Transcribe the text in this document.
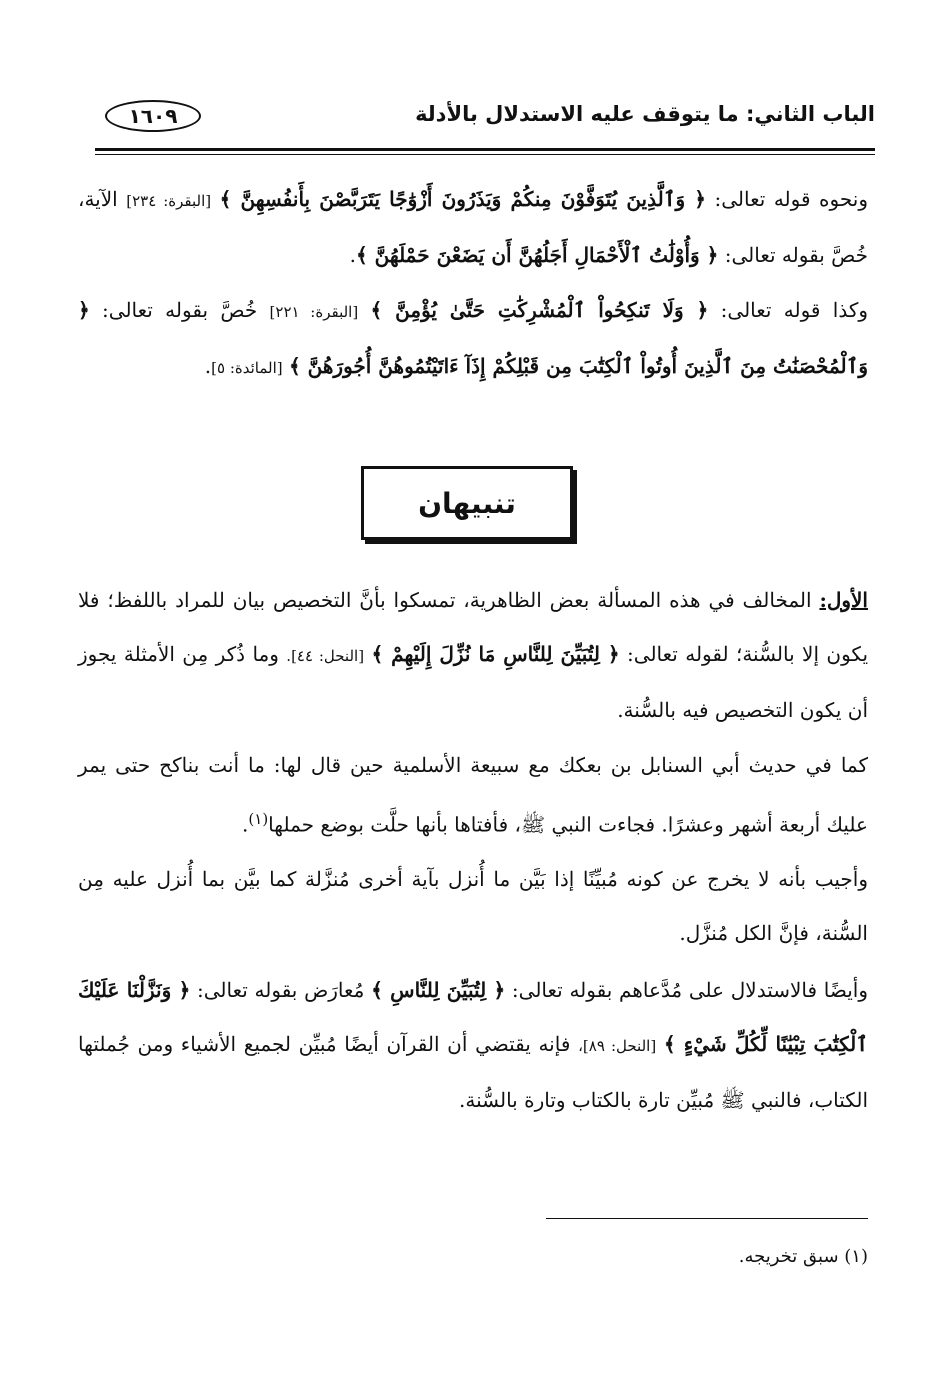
الباب الثاني: ما يتوقف عليه الاستدلال بالأدلة
١٦٠٩
ونحوه قوله تعالى: ﴿ وَٱلَّذِينَ يُتَوَفَّوْنَ مِنكُمْ وَيَذَرُونَ أَزْوَٰجًا يَتَرَبَّصْنَ بِأَنفُسِهِنَّ ﴾ [البقرة: ٢٣٤] الآية، خُصَّ بقوله تعالى: ﴿ وَأُوْلَٰتُ ٱلْأَحْمَالِ أَجَلُهُنَّ أَن يَضَعْنَ حَمْلَهُنَّ ﴾.
وكذا قوله تعالى: ﴿ وَلَا تَنكِحُواْ ٱلْمُشْرِكَٰتِ حَتَّىٰ يُؤْمِنَّ ﴾ [البقرة: ٢٢١] خُصَّ بقوله تعالى: ﴿ وَٱلْمُحْصَنَٰتُ مِنَ ٱلَّذِينَ أُوتُواْ ٱلْكِتَٰبَ مِن قَبْلِكُمْ إِذَآ ءَاتَيْتُمُوهُنَّ أُجُورَهُنَّ ﴾ [المائدة: ٥].
تنبيهان
الأول: المخالف في هذه المسألة بعض الظاهرية، تمسكوا بأنَّ التخصيص بيان للمراد باللفظ؛ فلا يكون إلا بالسُّنة؛ لقوله تعالى: ﴿ لِتُبَيِّنَ لِلنَّاسِ مَا نُزِّلَ إِلَيْهِمْ ﴾ [النحل: ٤٤]. وما ذُكر مِن الأمثلة يجوز أن يكون التخصيص فيه بالسُّنة.
كما في حديث أبي السنابل بن بعكك مع سبيعة الأسلمية حين قال لها: ما أنت بناكح حتى يمر عليك أربعة أشهر وعشرًا. فجاءت النبي ﷺ، فأفتاها بأنها حلَّت بوضع حملها$^{(١)}$.
وأجيب بأنه لا يخرج عن كونه مُبيِّنًا إذا بَيَّن ما أُنزل بآية أخرى مُنزَّلة كما بيَّن بما أُنزل عليه مِن السُّنة، فإنَّ الكل مُنزَّل.
وأيضًا فالاستدلال على مُدَّعاهم بقوله تعالى: ﴿ لِتُبَيِّنَ لِلنَّاسِ ﴾ مُعارَض بقوله تعالى: ﴿ وَنَزَّلْنَا عَلَيْكَ ٱلْكِتَٰبَ تِبْيَٰنًا لِّكُلِّ شَيْءٍ ﴾ [النحل: ٨٩]، فإنه يقتضي أن القرآن أيضًا مُبيِّن لجميع الأشياء ومن جُملتها الكتاب، فالنبي ﷺ مُبيِّن تارة بالكتاب وتارة بالسُّنة.
(١) سبق تخريجه.
